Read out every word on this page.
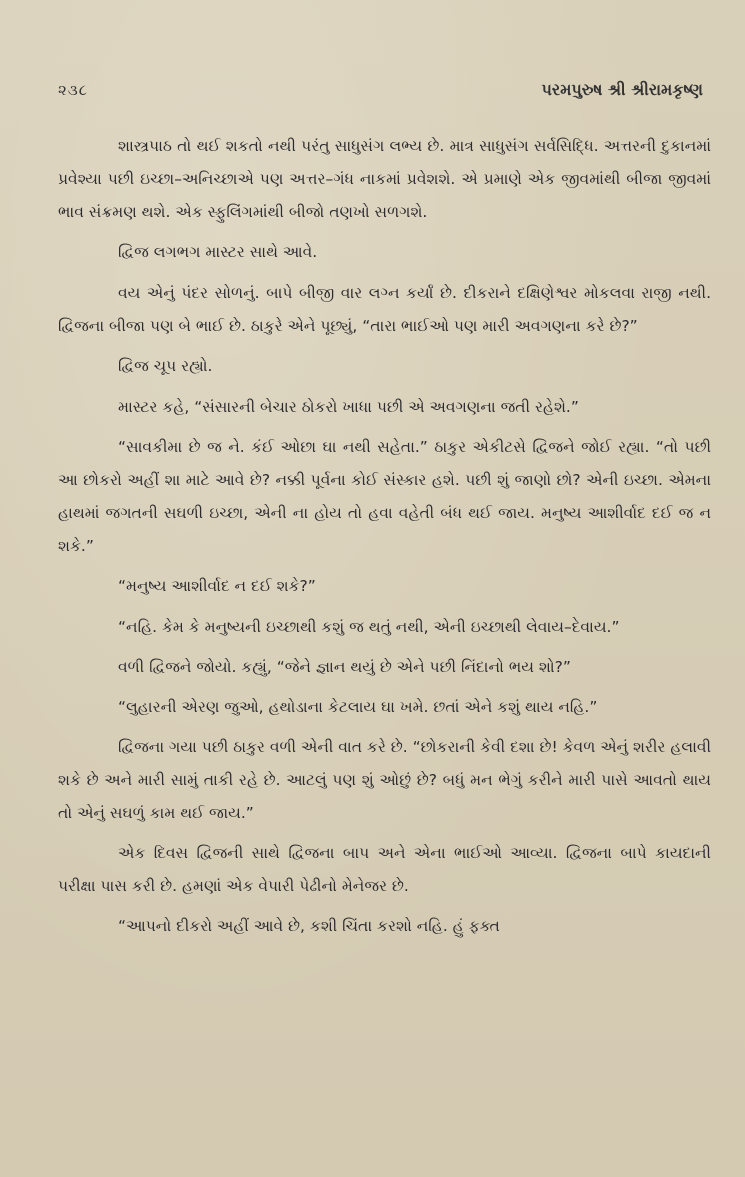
૨૩૮	પરમપુરુષ શ્રી શ્રીરામકૃષ્ણ

શાસ્ત્રપાઠ તો થઈ શકતો નથી પરંતુ સાધુસંગ લભ્ય છે. માત્ર સાધુસંગ સર્વસિદ્ધિ. અત્તરની દુકાનમાં પ્રવેશ્યા પછી ઇચ્છા–અનિચ્છાએ પણ અત્તર–ગંધ નાકમાં પ્રવેશશે. એ પ્રમાણે એક જીવમાંથી બીજા જીવમાં ભાવ સંક્રમણ થશે. એક સ્ફુલિંગમાંથી બીજો તણખો સળગશે.

દ્વિજ લગભગ માસ્ટર સાથે આવે.

વય એનું પંદર સોળનું. બાપે બીજી વાર લગ્ન કર્યાં છે. દીકરાને દક્ષિણેશ્વર મોકલવા રાજી નથી. દ્વિજના બીજા પણ બે ભાઈ છે. ઠાકુરે એને પૂછ્યું, “તારા ભાઈઓ પણ મારી અવગણના કરે છે?”

દ્વિજ ચૂપ રહ્યો.

માસ્ટર કહે, “સંસારની બેચાર ઠોકરો ખાધા પછી એ અવગણના જતી રહેશે.”

“સાવકીમા છે જ ને. કંઈ ઓછા ઘા નથી સહેતા.” ઠાકુર એકીટસે દ્વિજને જોઈ રહ્યા. “તો પછી આ છોકરો અહીં શા માટે આવે છે? નક્કી પૂર્વના કોઈ સંસ્કાર હશે. પછી શું જાણો છો? એની ઇચ્છા. એમના હાથમાં જગતની સઘળી ઇચ્છા, એની ના હોય તો હવા વહેતી બંધ થઈ જાય. મનુષ્ય આશીર્વાદ દઈ જ ન શકે.”

“મનુષ્ય આશીર્વાદ ન દઈ શકે?”

“નહિ. કેમ કે મનુષ્યની ઇચ્છાથી કશું જ થતું નથી, એની ઇચ્છાથી લેવાય–દેવાય.”

વળી દ્વિજને જોયો. કહ્યું, “જેને જ્ઞાન થયું છે એને પછી નિંદાનો ભય શો?”

“લુહારની એરણ જુઓ, હથોડાના કેટલાય ઘા ખમે. છતાં એને કશું થાય નહિ.”

દ્વિજના ગયા પછી ઠાકુર વળી એની વાત કરે છે. “છોકરાની કેવી દશા છે! કેવળ એનું શરીર હલાવી શકે છે અને મારી સામું તાકી રહે છે. આટલું પણ શું ઓછું છે? બધું મન ભેગું કરીને મારી પાસે આવતો થાય તો એનું સઘળું કામ થઈ જાય.”

એક દિવસ દ્વિજની સાથે દ્વિજના બાપ અને એના ભાઈઓ આવ્યા. દ્વિજના બાપે કાયદાની પરીક્ષા પાસ કરી છે. હમણાં એક વેપારી પેઢીનો મેનેજર છે.

“આપનો દીકરો અહીં આવે છે, કશી ચિંતા કરશો નહિ. હું ફક્ત
